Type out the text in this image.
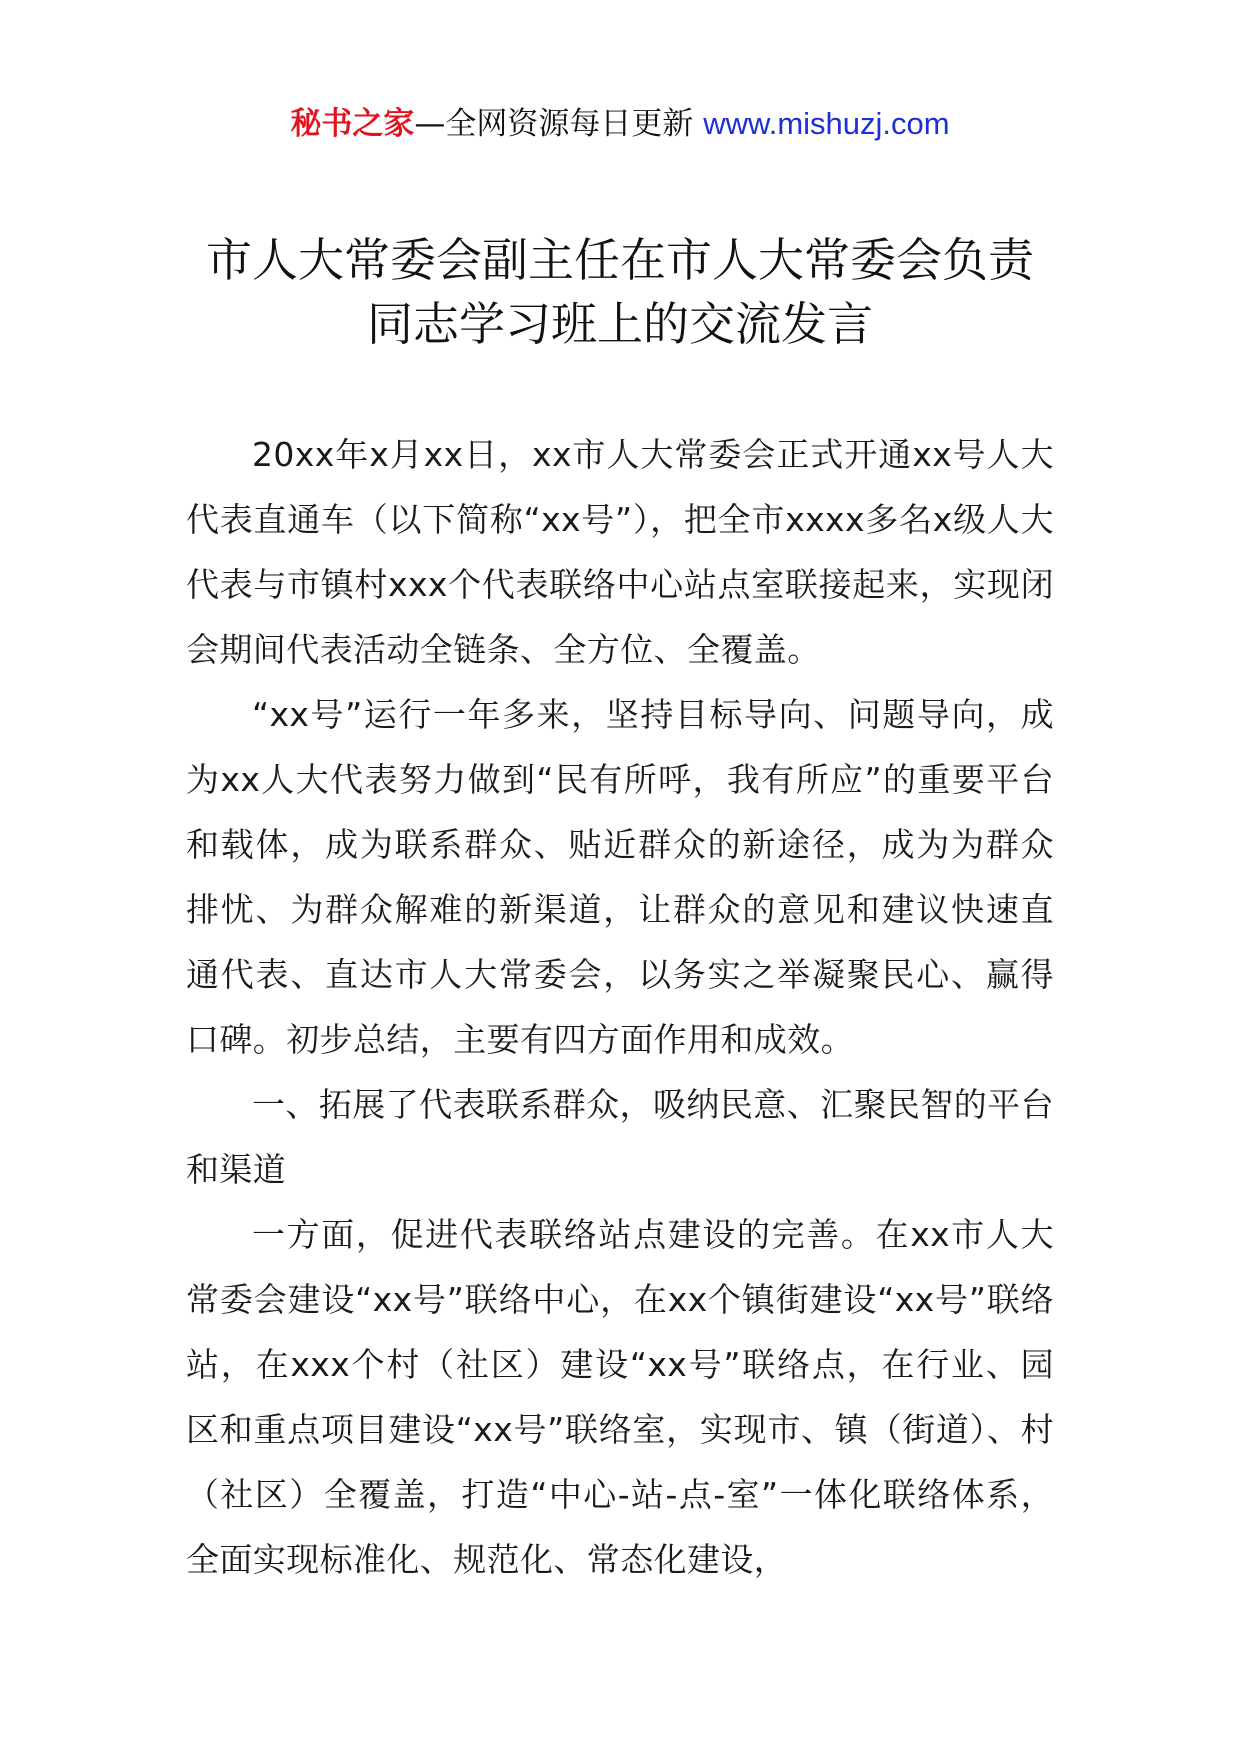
秘书之家—全网资源每日更新 www.mishuzj.com
市人大常委会副主任在市人大常委会负责
同志学习班上的交流发言

20xx年x月xx日，xx市人大常委会正式开通xx号人大代表直通车（以下简称“xx号”），把全市xxxx多名x级人大代表与市镇村xxx个代表联络中心站点室联接起来，实现闭会期间代表活动全链条、全方位、全覆盖。

“xx号”运行一年多来，坚持目标导向、问题导向，成为xx人大代表努力做到“民有所呼，我有所应”的重要平台和载体，成为联系群众、贴近群众的新途径，成为为群众排忧、为群众解难的新渠道，让群众的意见和建议快速直通代表、直达市人大常委会，以务实之举凝聚民心、赢得口碑。初步总结，主要有四方面作用和成效。

一、拓展了代表联系群众，吸纳民意、汇聚民智的平台和渠道

一方面，促进代表联络站点建设的完善。在xx市人大常委会建设“xx号”联络中心，在xx个镇街建设“xx号”联络站，在xxx个村（社区）建设“xx号”联络点，在行业、园区和重点项目建设“xx号”联络室，实现市、镇（街道）、村（社区）全覆盖，打造“中心-站-点-室”一体化联络体系，全面实现标准化、规范化、常态化建设，
